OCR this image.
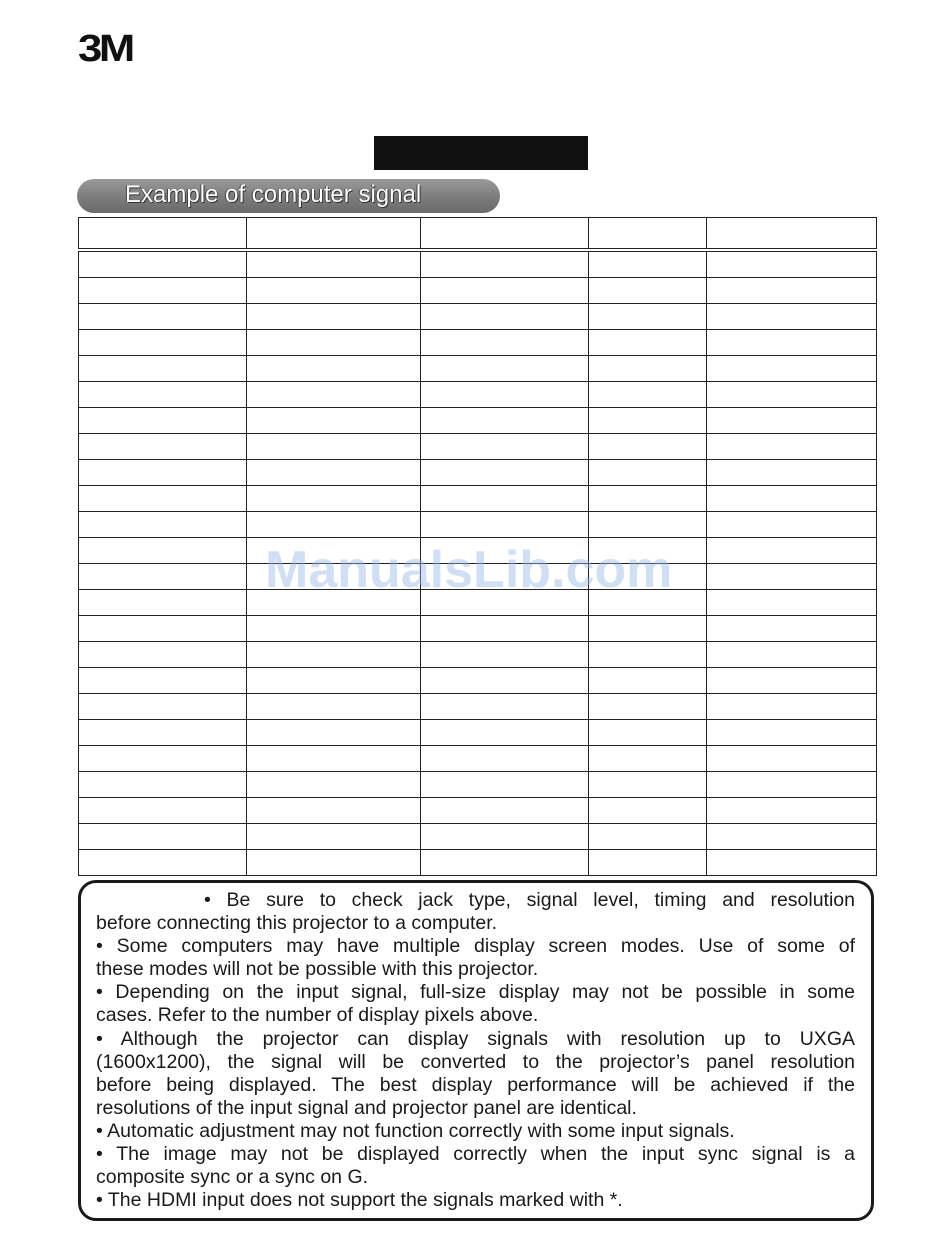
3M
Example of computer signal

ManualsLib.com
• Be sure to check jack type, signal level, timing and resolution
before connecting this projector to a computer.
• Some computers may have multiple display screen modes. Use of some of
these modes will not be possible with this projector.
• Depending on the input signal, full-size display may not be possible in some
cases. Refer to the number of display pixels above.
• Although the projector can display signals with resolution up to UXGA
(1600x1200), the signal will be converted to the projector’s panel resolution
before being displayed. The best display performance will be achieved if the
resolutions of the input signal and projector panel are identical.
• Automatic adjustment may not function correctly with some input signals.
• The image may not be displayed correctly when the input sync signal is a
composite sync or a sync on G.
• The HDMI input does not support the signals marked with *.
